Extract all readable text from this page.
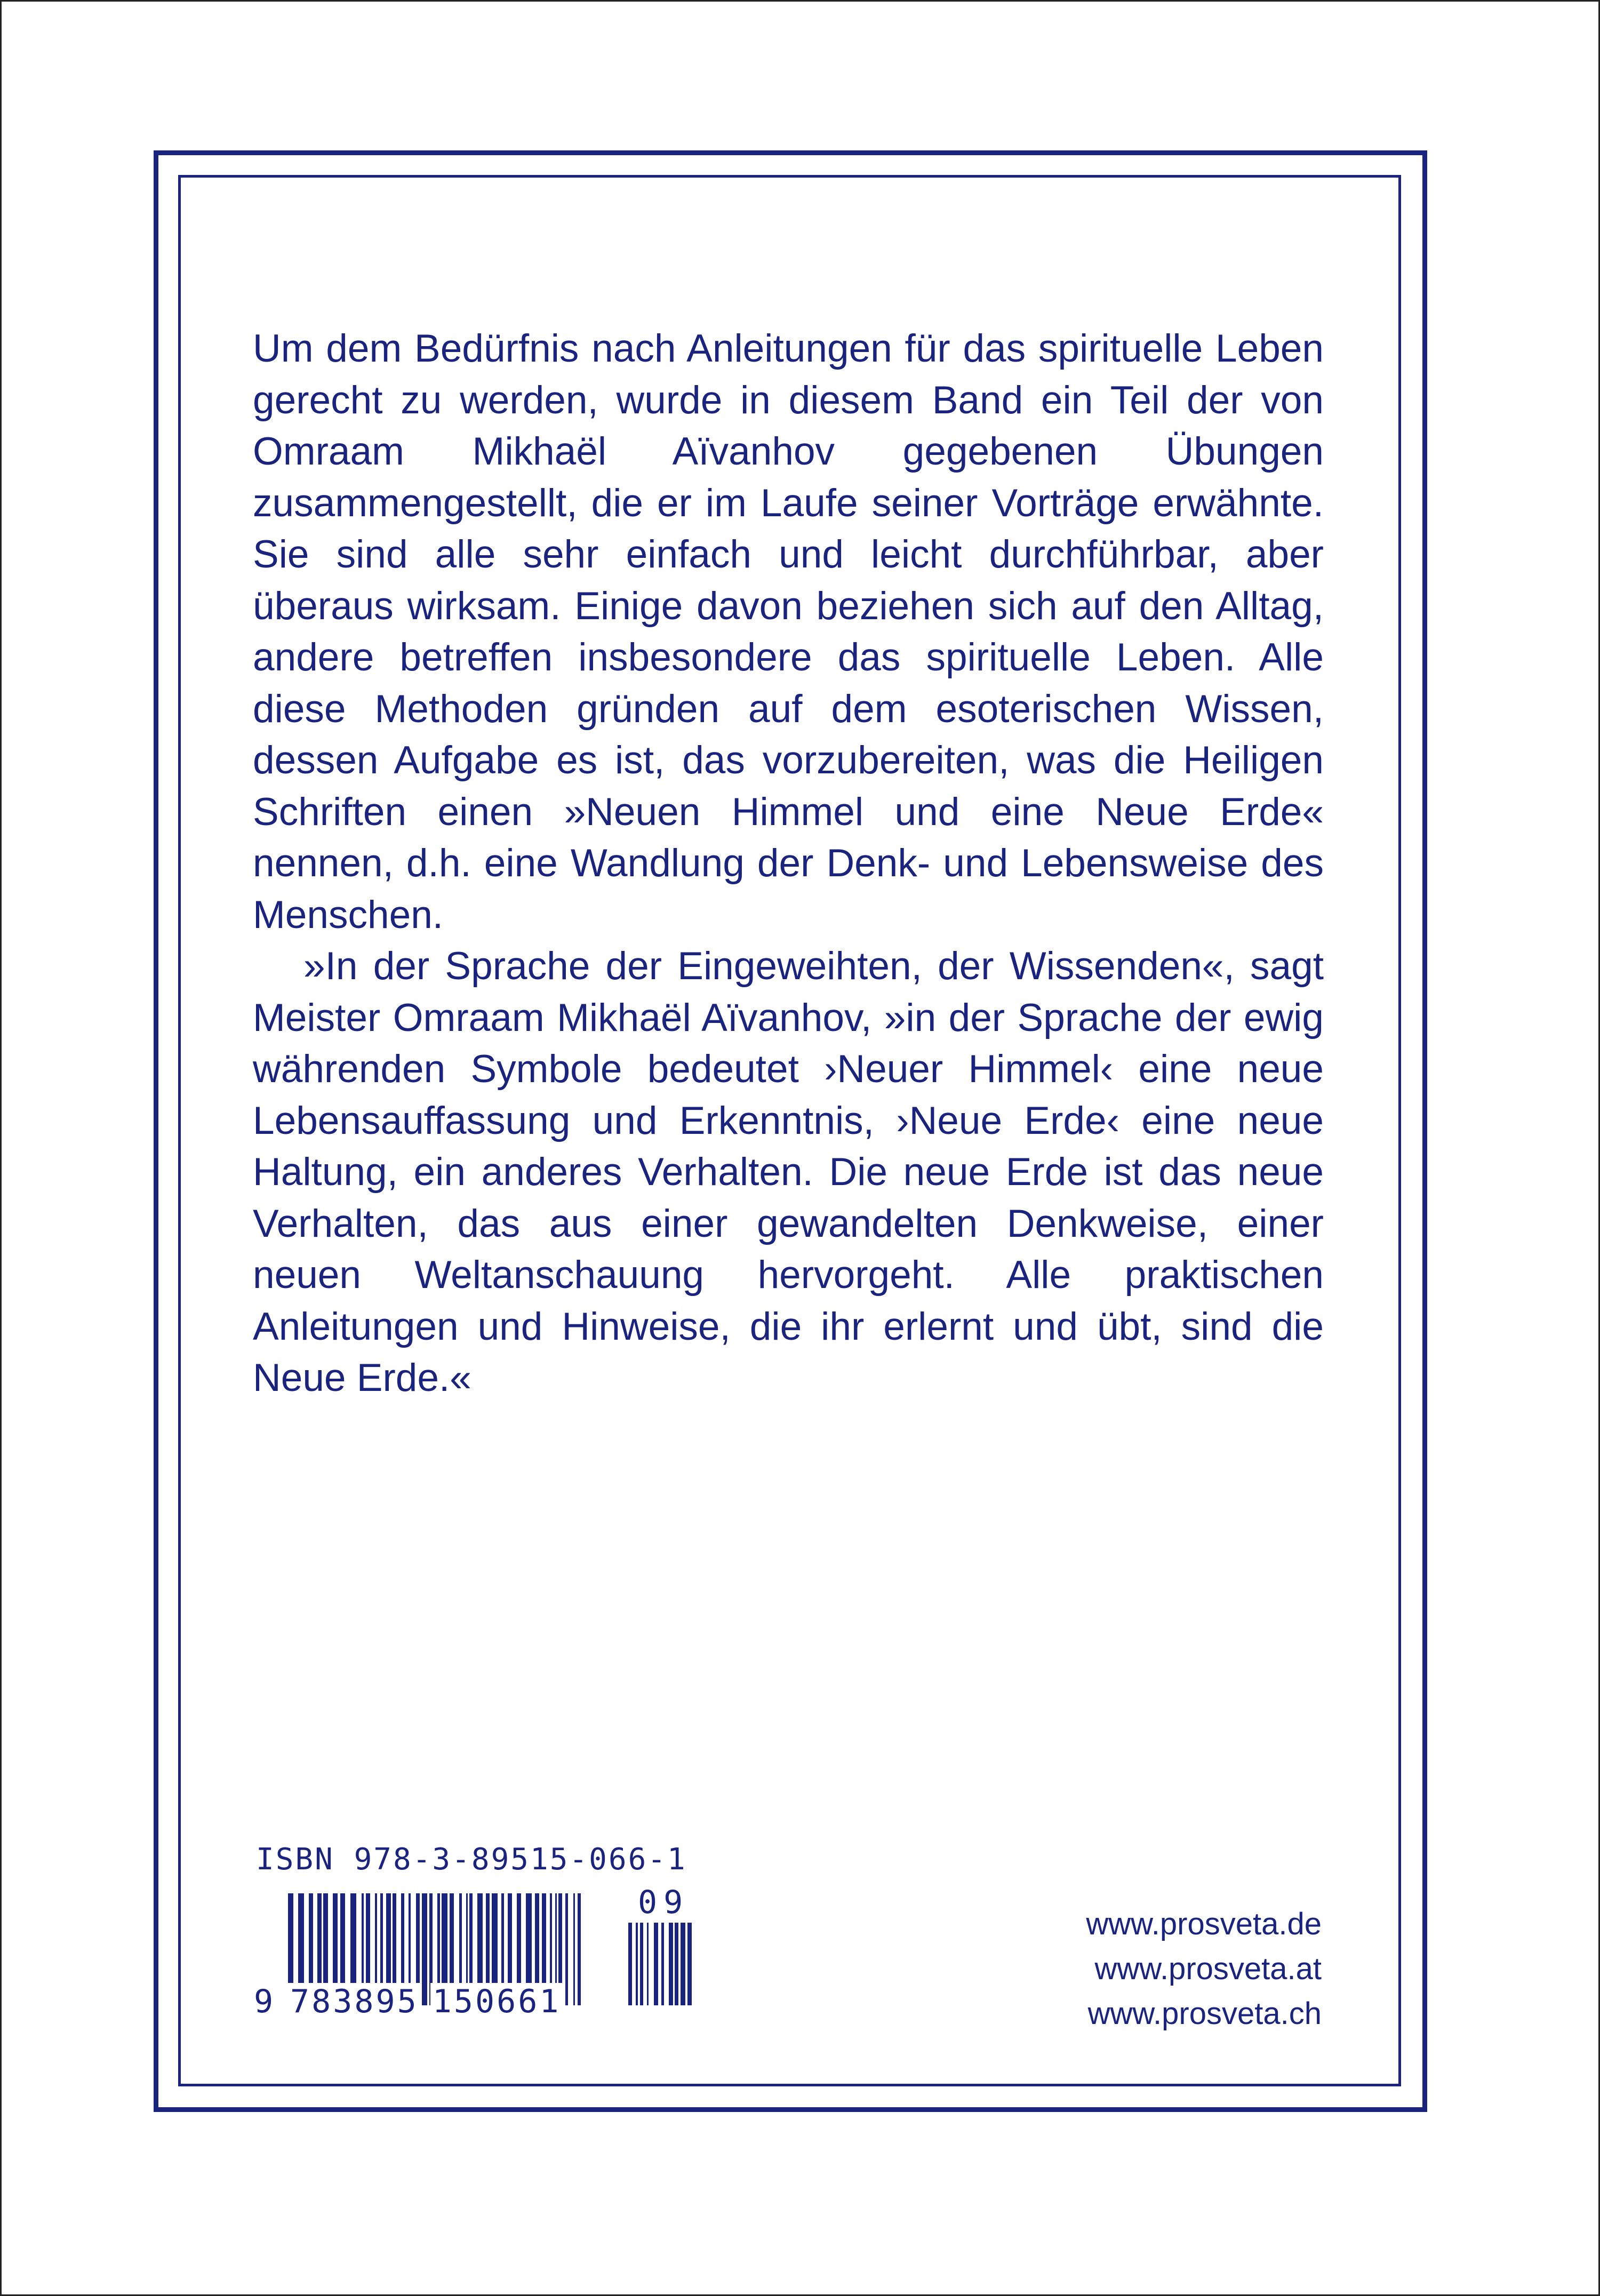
Um dem Bedürfnis nach Anleitungen für das spirituelle Leben gerecht zu werden, wurde in diesem Band ein Teil der von Omraam Mikhaël Aïvanhov gegebenen Übungen zusammengestellt, die er im Laufe seiner Vorträge erwähnte. Sie sind alle sehr einfach und leicht durchführbar, aber überaus wirksam. Einige davon beziehen sich auf den Alltag, andere betreffen insbesondere das spirituelle Leben. Alle diese Methoden gründen auf dem esoterischen Wissen, dessen Aufgabe es ist, das vorzubereiten, was die Heiligen Schriften einen »Neuen Himmel und eine Neue Erde« nennen, d.h. eine Wandlung der Denk- und Lebensweise des Menschen.

»In der Sprache der Eingeweihten, der Wissenden«, sagt Meister Omraam Mikhaël Aïvanhov, »in der Sprache der ewig währenden Symbole bedeutet ›Neuer Himmel‹ eine neue Lebensauffassung und Erkenntnis, ›Neue Erde‹ eine neue Haltung, ein anderes Verhalten. Die neue Erde ist das neue Verhalten, das aus einer gewandelten Denkweise, einer neuen Weltanschauung hervorgeht. Alle praktischen Anleitungen und Hinweise, die ihr erlernt und übt, sind die Neue Erde.«

ISBN 978-3-89515-066-1
09
9 783895 150661
www.prosveta.de
www.prosveta.at
www.prosveta.ch
